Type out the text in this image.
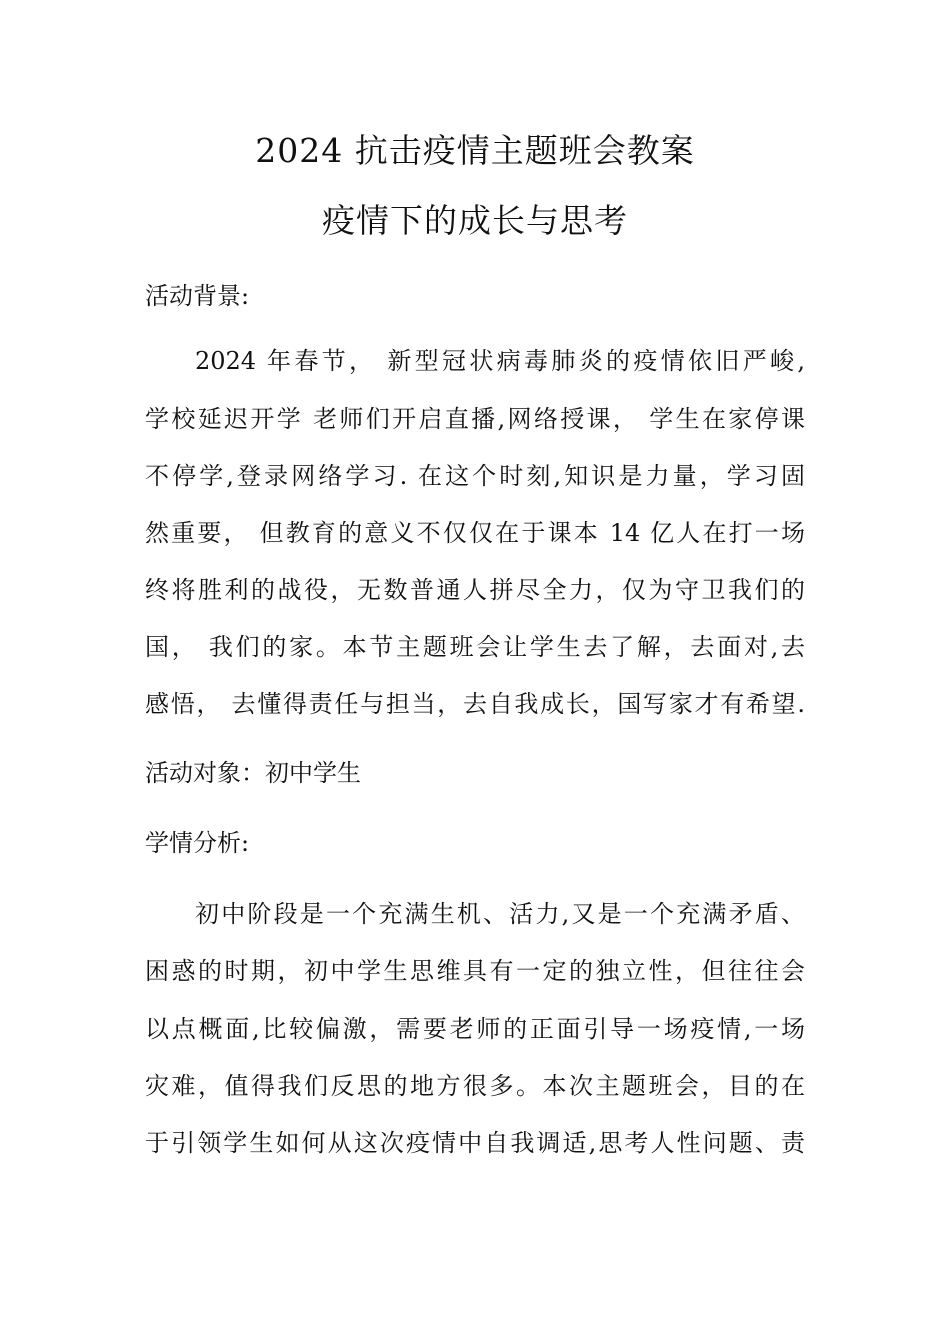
2024 抗击疫情主题班会教案
疫情下的成长与思考
活动背景:
2024 年春节， 新型冠状病毒肺炎的疫情依旧严峻,
学校延迟开学 老师们开启直播,网络授课， 学生在家停课
不停学,登录网络学习. 在这个时刻,知识是力量，学习固
然重要， 但教育的意义不仅仅在于课本 14 亿人在打一场
终将胜利的战役，无数普通人拼尽全力，仅为守卫我们的
国， 我们的家。本节主题班会让学生去了解，去面对,去
感悟， 去懂得责任与担当，去自我成长，国写家才有希望.
活动对象：初中学生
学情分析:
初中阶段是一个充满生机、活力,又是一个充满矛盾、
困惑的时期，初中学生思维具有一定的独立性，但往往会
以点概面,比较偏激，需要老师的正面引导一场疫情,一场
灾难，值得我们反思的地方很多。本次主题班会，目的在
于引领学生如何从这次疫情中自我调适,思考人性问题、责
